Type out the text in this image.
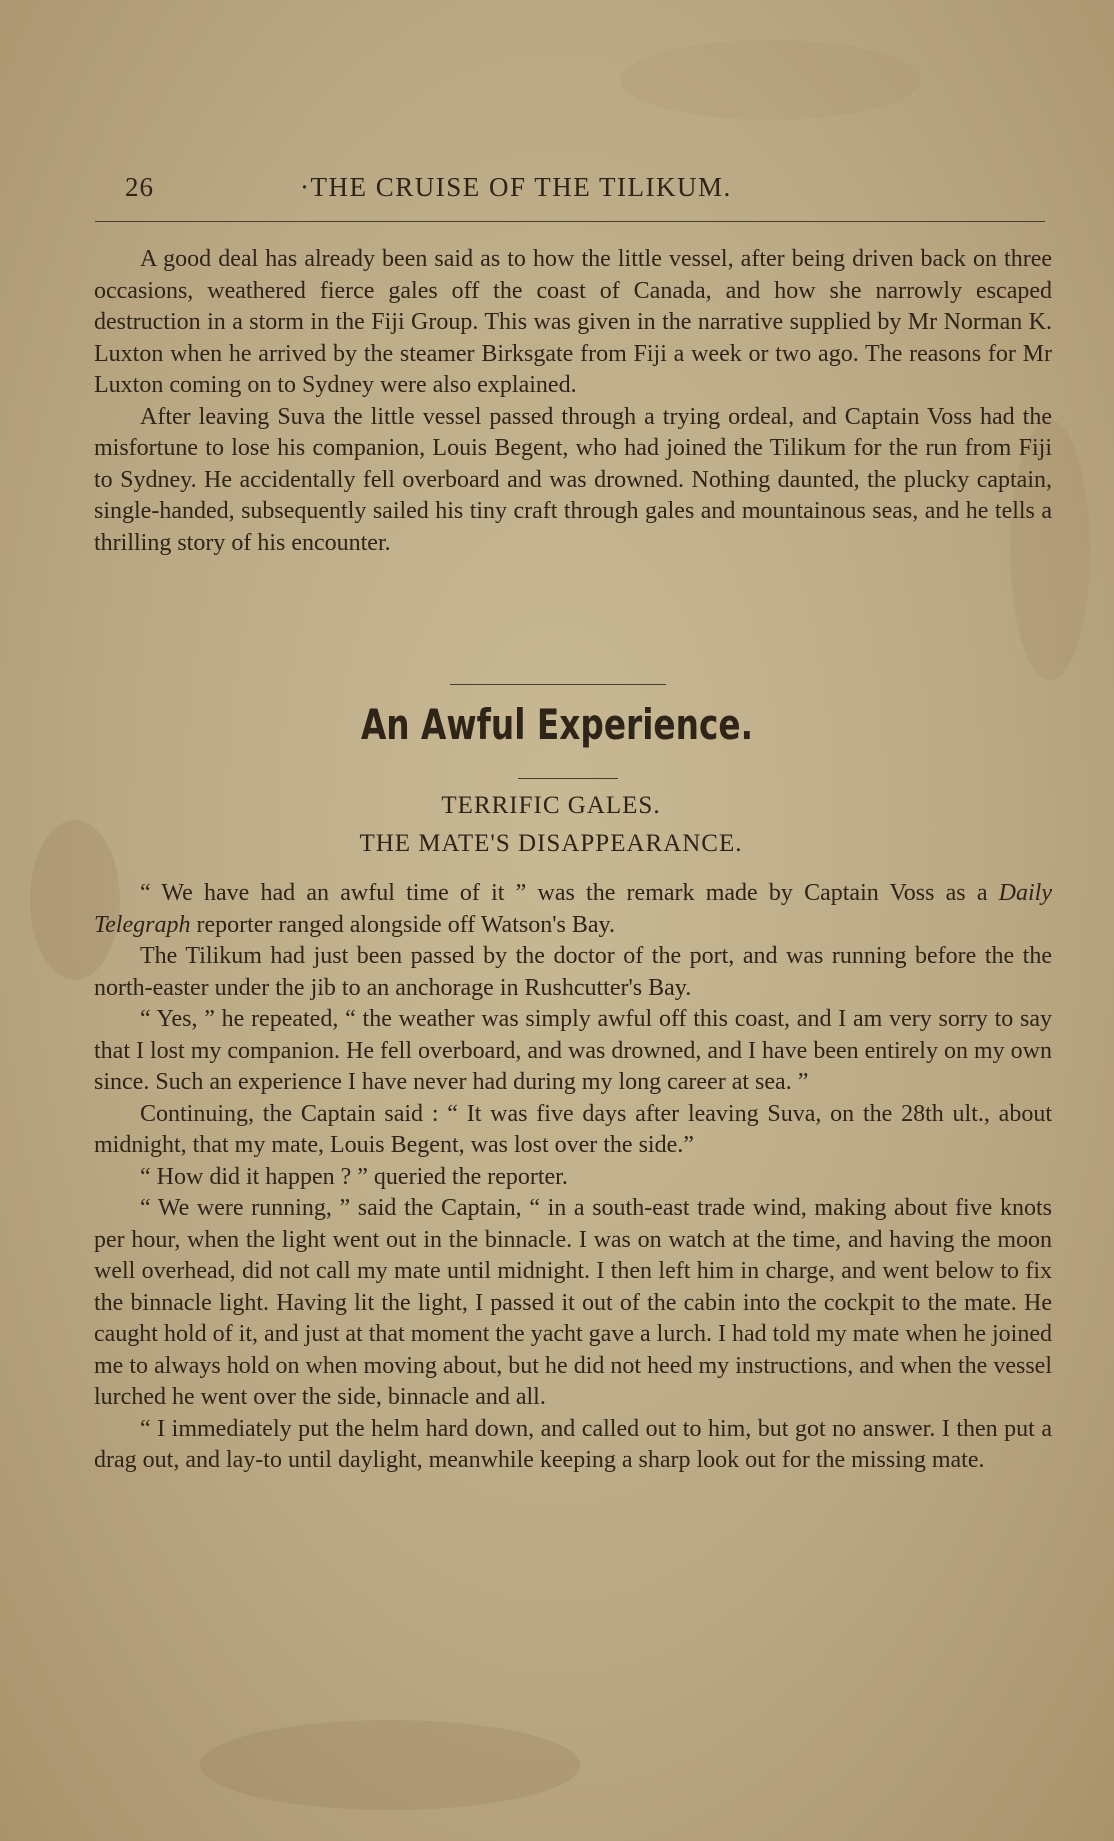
26	·THE CRUISE OF THE TILIKUM.

A good deal has already been said as to how the little vessel, after being driven back on three occasions, weathered fierce gales off the coast of Canada, and how she narrowly escaped destruction in a storm in the Fiji Group. This was given in the narrative supplied by Mr Norman K. Luxton when he arrived by the steamer Birksgate from Fiji a week or two ago. The reasons for Mr Luxton coming on to Sydney were also explained.

After leaving Suva the little vessel passed through a trying ordeal, and Captain Voss had the misfortune to lose his companion, Louis Begent, who had joined the Tilikum for the run from Fiji to Sydney. He accidentally fell overboard and was drowned. Nothing daunted, the plucky captain, single-handed, subsequently sailed his tiny craft through gales and mountainous seas, and he tells a thrilling story of his encounter.

An Awful Experience.
TERRIFIC GALES.
THE MATE'S DISAPPEARANCE.

“ We have had an awful time of it ” was the remark made by Captain Voss as a Daily Telegraph reporter ranged alongside off Watson's Bay.

The Tilikum had just been passed by the doctor of the port, and was running before the the north-easter under the jib to an anchorage in Rushcutter's Bay.

“ Yes, ” he repeated, “ the weather was simply awful off this coast, and I am very sorry to say that I lost my companion. He fell overboard, and was drowned, and I have been entirely on my own since. Such an experience I have never had during my long career at sea. ”

Continuing, the Captain said : “ It was five days after leaving Suva, on the 28th ult., about midnight, that my mate, Louis Begent, was lost over the side.”

“ How did it happen ? ” queried the reporter.

“ We were running, ” said the Captain, “ in a south-east trade wind, making about five knots per hour, when the light went out in the binnacle. I was on watch at the time, and having the moon well overhead, did not call my mate until midnight. I then left him in charge, and went below to fix the binnacle light. Having lit the light, I passed it out of the cabin into the cockpit to the mate. He caught hold of it, and just at that moment the yacht gave a lurch. I had told my mate when he joined me to always hold on when moving about, but he did not heed my instructions, and when the vessel lurched he went over the side, binnacle and all.

“ I immediately put the helm hard down, and called out to him, but got no answer. I then put a drag out, and lay-to until daylight, meanwhile keeping a sharp look out for the missing mate.
